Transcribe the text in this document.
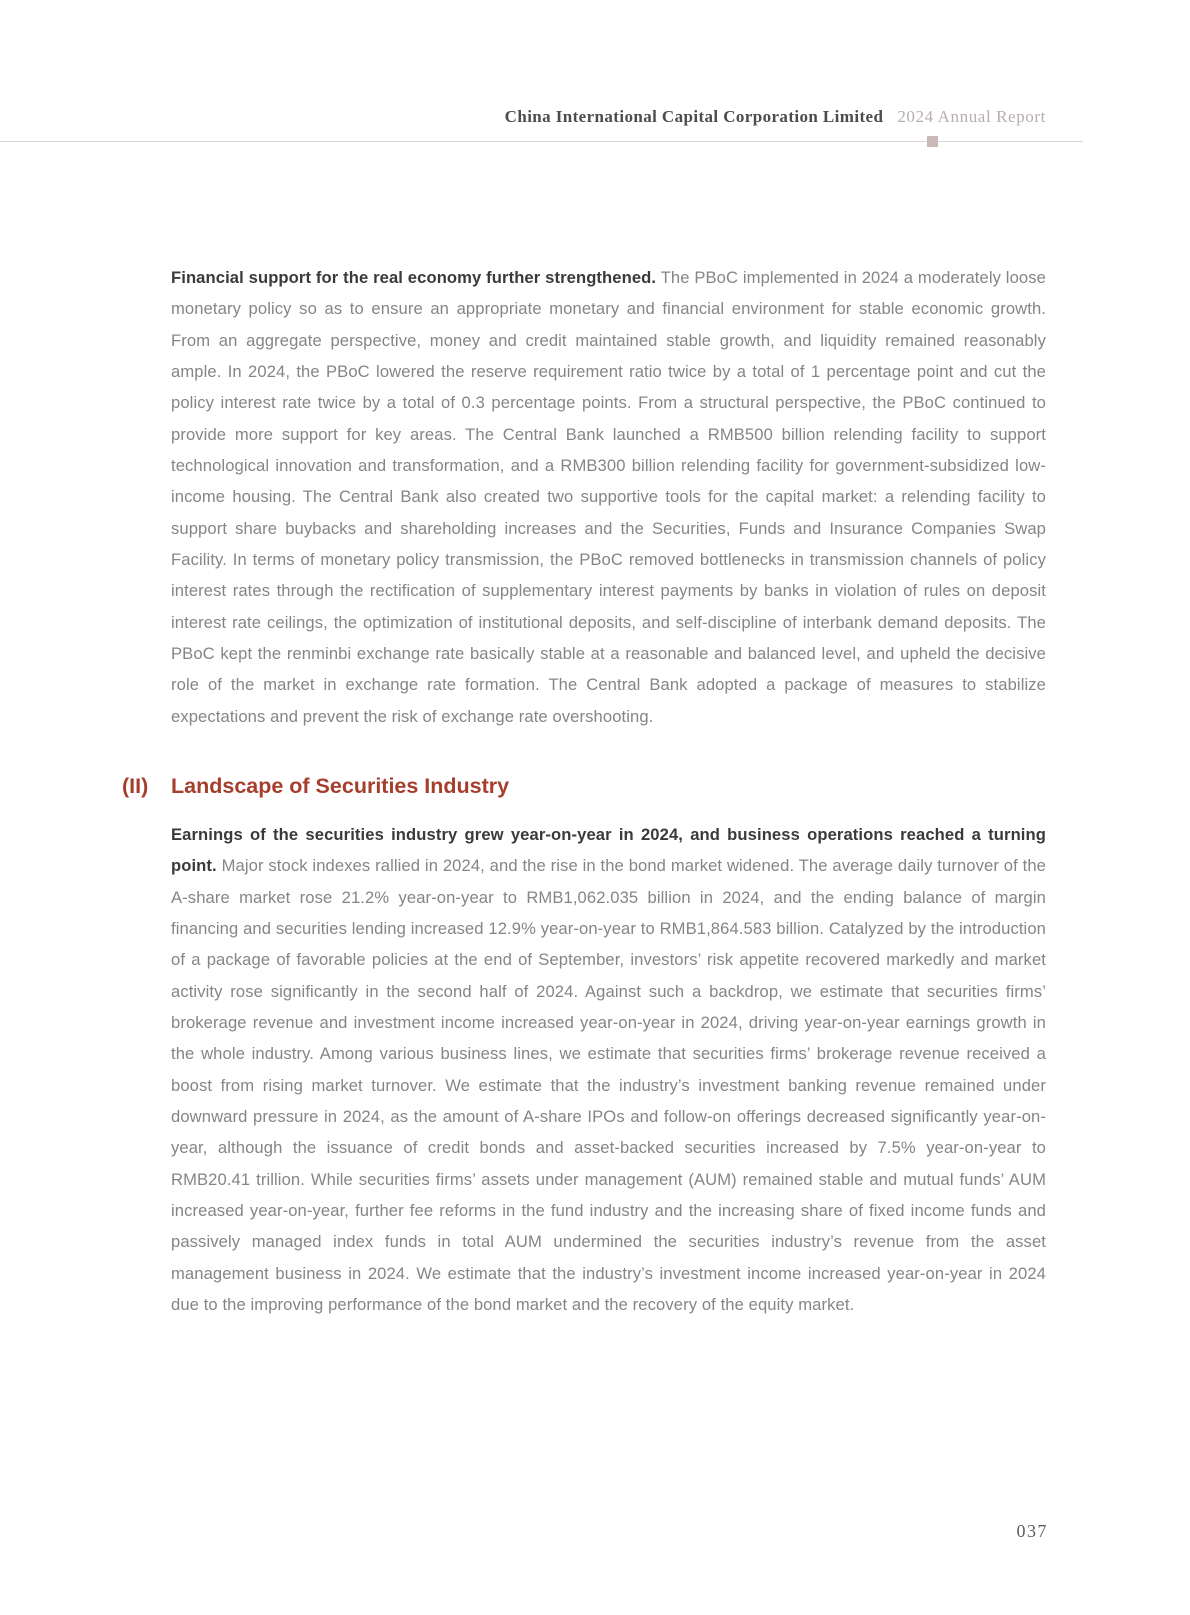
China International Capital Corporation Limited 2024 Annual Report

Financial support for the real economy further strengthened. The PBoC implemented in 2024 a moderately loose monetary policy so as to ensure an appropriate monetary and financial environment for stable economic growth. From an aggregate perspective, money and credit maintained stable growth, and liquidity remained reasonably ample. In 2024, the PBoC lowered the reserve requirement ratio twice by a total of 1 percentage point and cut the policy interest rate twice by a total of 0.3 percentage points. From a structural perspective, the PBoC continued to provide more support for key areas. The Central Bank launched a RMB500 billion relending facility to support technological innovation and transformation, and a RMB300 billion relending facility for government-subsidized low-income housing. The Central Bank also created two supportive tools for the capital market: a relending facility to support share buybacks and shareholding increases and the Securities, Funds and Insurance Companies Swap Facility. In terms of monetary policy transmission, the PBoC removed bottlenecks in transmission channels of policy interest rates through the rectification of supplementary interest payments by banks in violation of rules on deposit interest rate ceilings, the optimization of institutional deposits, and self-discipline of interbank demand deposits. The PBoC kept the renminbi exchange rate basically stable at a reasonable and balanced level, and upheld the decisive role of the market in exchange rate formation. The Central Bank adopted a package of measures to stabilize expectations and prevent the risk of exchange rate overshooting.

(II)	Landscape of Securities Industry

Earnings of the securities industry grew year-on-year in 2024, and business operations reached a turning point. Major stock indexes rallied in 2024, and the rise in the bond market widened. The average daily turnover of the A-share market rose 21.2% year-on-year to RMB1,062.035 billion in 2024, and the ending balance of margin financing and securities lending increased 12.9% year-on-year to RMB1,864.583 billion. Catalyzed by the introduction of a package of favorable policies at the end of September, investors’ risk appetite recovered markedly and market activity rose significantly in the second half of 2024. Against such a backdrop, we estimate that securities firms’ brokerage revenue and investment income increased year-on-year in 2024, driving year-on-year earnings growth in the whole industry. Among various business lines, we estimate that securities firms’ brokerage revenue received a boost from rising market turnover. We estimate that the industry’s investment banking revenue remained under downward pressure in 2024, as the amount of A-share IPOs and follow-on offerings decreased significantly year-on-year, although the issuance of credit bonds and asset-backed securities increased by 7.5% year-on-year to RMB20.41 trillion. While securities firms’ assets under management (AUM) remained stable and mutual funds’ AUM increased year-on-year, further fee reforms in the fund industry and the increasing share of fixed income funds and passively managed index funds in total AUM undermined the securities industry’s revenue from the asset management business in 2024. We estimate that the industry’s investment income increased year-on-year in 2024 due to the improving performance of the bond market and the recovery of the equity market.

037
